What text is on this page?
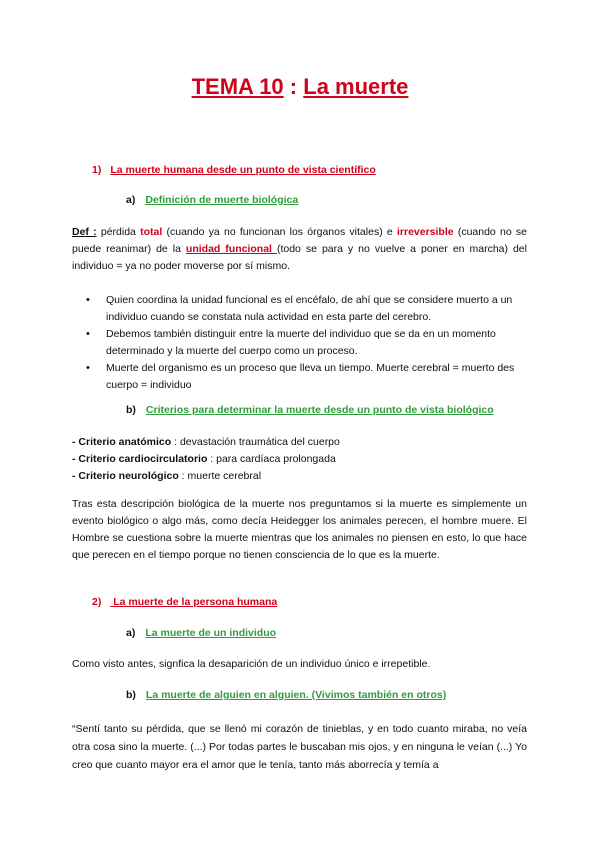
TEMA 10 : La muerte
1) La muerte humana desde un punto de vista científico
a) Definición de muerte biológica
Def : pérdida total (cuando ya no funcionan los órganos vitales) e irreversible (cuando no se puede reanimar) de la unidad funcional (todo se para y no vuelve a poner en marcha) del individuo = ya no poder moverse por sí mismo.
•	Quien coordina la unidad funcional es el encéfalo, de ahí que se considere muerto a un individuo cuando se constata nula actividad en esta parte del cerebro.
•	Debemos también distinguir entre la muerte del individuo que se da en un momento determinado y la muerte del cuerpo como un proceso.
•	Muerte del organismo es un proceso que lleva un tiempo. Muerte cerebral = muerto des cuerpo = individuo
b) Criterios para determinar la muerte desde un punto de vista biológico
- Criterio anatómico : devastación traumática del cuerpo
- Criterio cardiocirculatorio : para cardíaca prolongada
- Criterio neurológico : muerte cerebral
Tras esta descripción biológica de la muerte nos preguntamos si la muerte es simplemente un evento biológico o algo más, como decía Heidegger los animales perecen, el hombre muere. El Hombre se cuestiona sobre la muerte mientras que los animales no piensen en esto, lo que hace que perecen en el tiempo porque no tienen consciencia de lo que es la muerte.
2) La muerte de la persona humana
a) La muerte de un individuo
Como visto antes, signfica la desaparición de un individuo único e irrepetible.
b) La muerte de alguien en alguien. (Vivimos también en otros)
“Sentí tanto su pérdida, que se llenó mi corazón de tinieblas, y en todo cuanto miraba, no veía otra cosa sino la muerte. (...) Por todas partes le buscaban mis ojos, y en ninguna le veían (...) Yo creo que cuanto mayor era el amor que le tenía, tanto más aborrecía y temía a
